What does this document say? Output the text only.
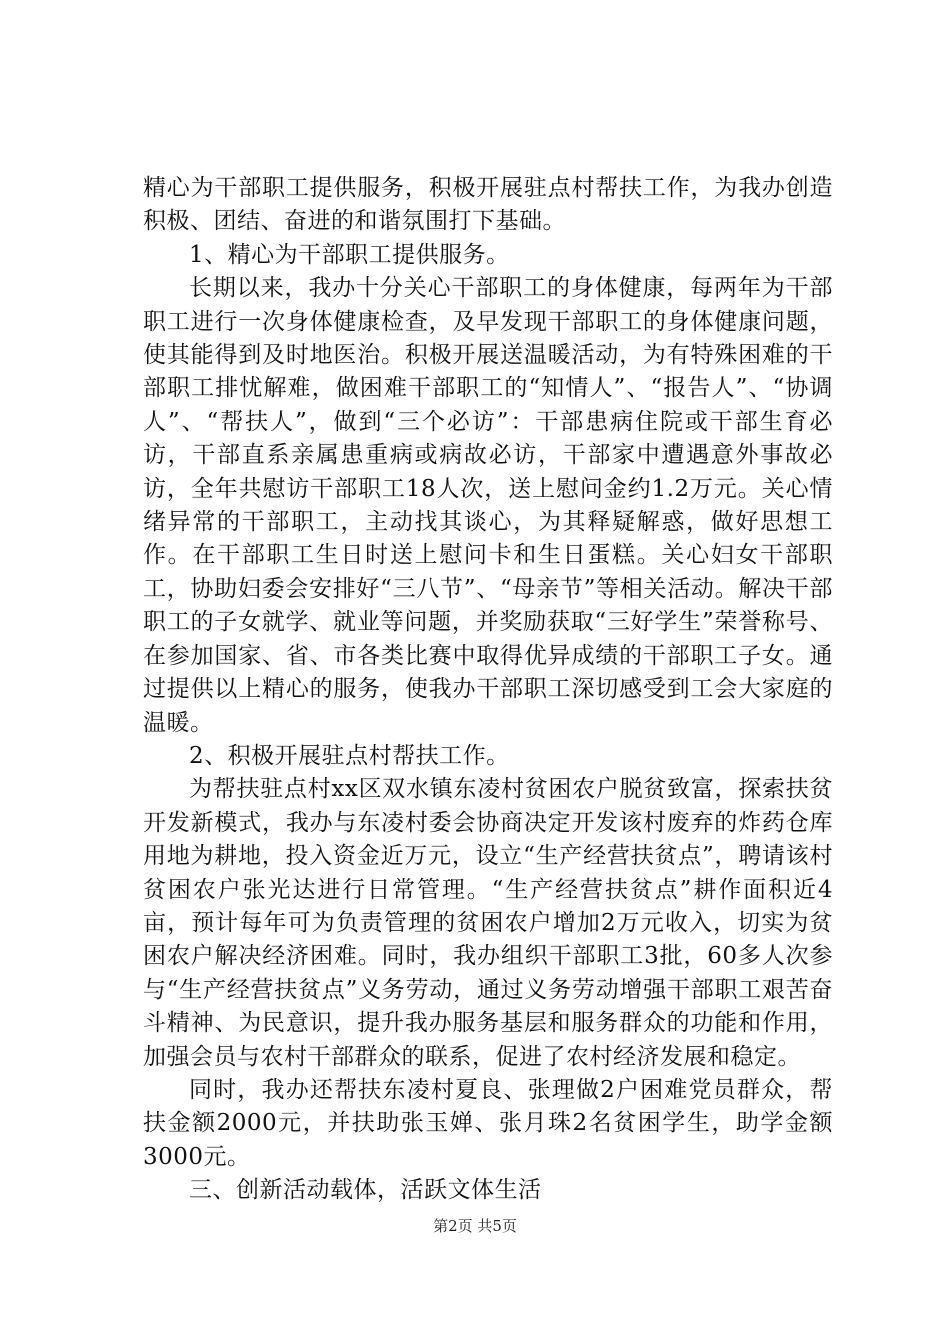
精心为干部职工提供服务，积极开展驻点村帮扶工作，为我办创造积极、团结、奋进的和谐氛围打下基础。

1、精心为干部职工提供服务。

长期以来，我办十分关心干部职工的身体健康，每两年为干部职工进行一次身体健康检查，及早发现干部职工的身体健康问题，使其能得到及时地医治。积极开展送温暖活动，为有特殊困难的干部职工排忧解难，做困难干部职工的“知情人”、“报告人”、“协调人”、“帮扶人”，做到“三个必访”：干部患病住院或干部生育必访，干部直系亲属患重病或病故必访，干部家中遭遇意外事故必访，全年共慰访干部职工18人次，送上慰问金约1.2万元。关心情绪异常的干部职工，主动找其谈心，为其释疑解惑，做好思想工作。在干部职工生日时送上慰问卡和生日蛋糕。关心妇女干部职工，协助妇委会安排好“三八节”、“母亲节”等相关活动。解决干部职工的子女就学、就业等问题，并奖励获取“三好学生”荣誉称号、在参加国家、省、市各类比赛中取得优异成绩的干部职工子女。通过提供以上精心的服务，使我办干部职工深切感受到工会大家庭的温暖。

2、积极开展驻点村帮扶工作。

为帮扶驻点村xx区双水镇东凌村贫困农户脱贫致富，探索扶贫开发新模式，我办与东凌村委会协商决定开发该村废弃的炸药仓库用地为耕地，投入资金近万元，设立“生产经营扶贫点”，聘请该村贫困农户张光达进行日常管理。“生产经营扶贫点”耕作面积近4亩，预计每年可为负责管理的贫困农户增加2万元收入，切实为贫困农户解决经济困难。同时，我办组织干部职工3批，60多人次参与“生产经营扶贫点”义务劳动，通过义务劳动增强干部职工艰苦奋斗精神、为民意识，提升我办服务基层和服务群众的功能和作用，加强会员与农村干部群众的联系，促进了农村经济发展和稳定。

同时，我办还帮扶东凌村夏良、张理做2户困难党员群众，帮扶金额2000元，并扶助张玉婵、张月珠2名贫困学生，助学金额3000元。

三、创新活动载体，活跃文体生活

第2页 共5页
